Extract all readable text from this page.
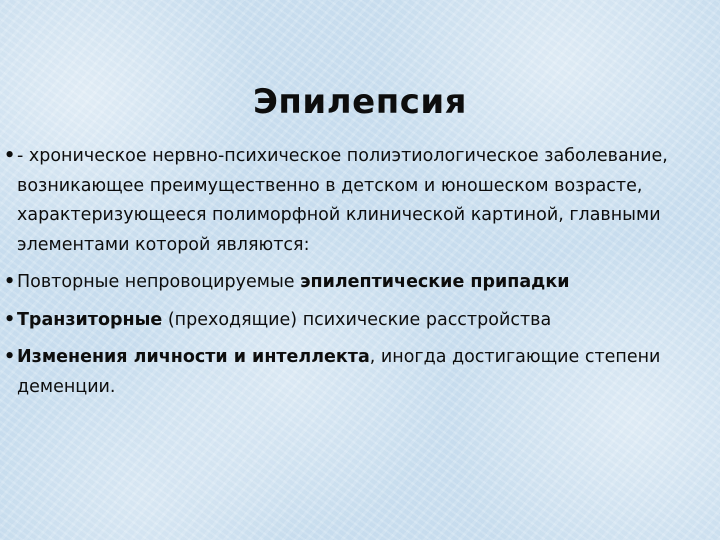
Эпилепсия
• - хроническое нервно-психическое полиэтиологическое заболевание, возникающее преимущественно в детском и юношеском возрасте, характеризующееся полиморфной клинической картиной, главными элементами которой являются:
• Повторные непровоцируемые эпилептические припадки
• Транзиторные (преходящие) психические расстройства
• Изменения личности и интеллекта, иногда достигающие степени деменции.
